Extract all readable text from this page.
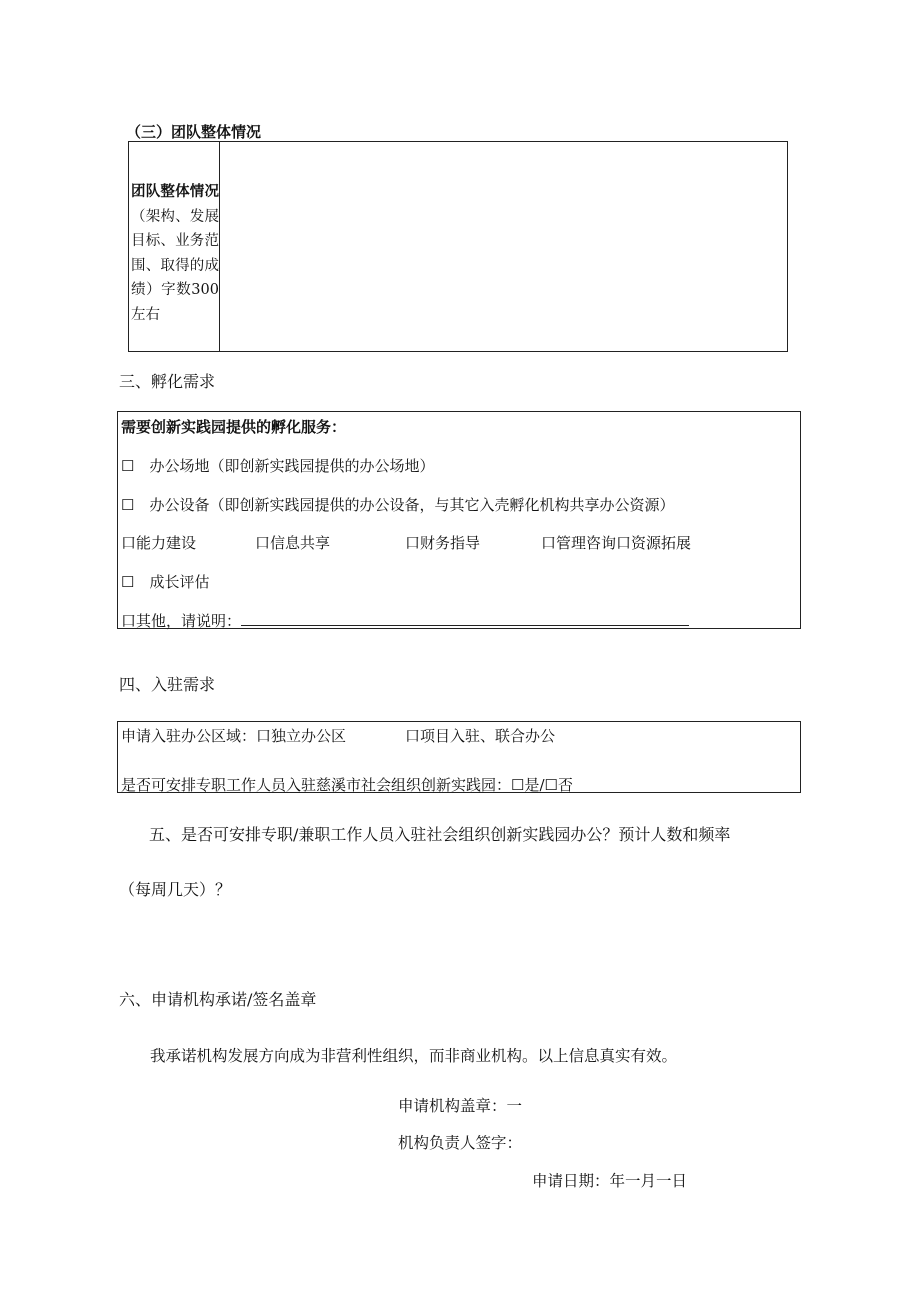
（三）团队整体情况
团队整体情况（架构、发展目标、业务范围、取得的成绩）字数300左右
三、孵化需求
需要创新实践园提供的孵化服务：
☐　办公场地（即创新实践园提供的办公场地）
☐　办公设备（即创新实践园提供的办公设备，与其它入壳孵化机构共享办公资源）
口能力建设	口信息共享	口财务指导	口管理咨询口资源拓展
☐　成长评估
口其他，请说明：
四、入驻需求
申请入驻办公区域：口独立办公区	口项目入驻、联合办公
是否可安排专职工作人员入驻慈溪市社会组织创新实践园：☐是/☐否
五、是否可安排专职/兼职工作人员入驻社会组织创新实践园办公？预计人数和频率
（每周几天）？
六、申请机构承诺/签名盖章
我承诺机构发展方向成为非营利性组织，而非商业机构。以上信息真实有效。
申请机构盖章：一
机构负责人签字：
申请日期：年一月一日
